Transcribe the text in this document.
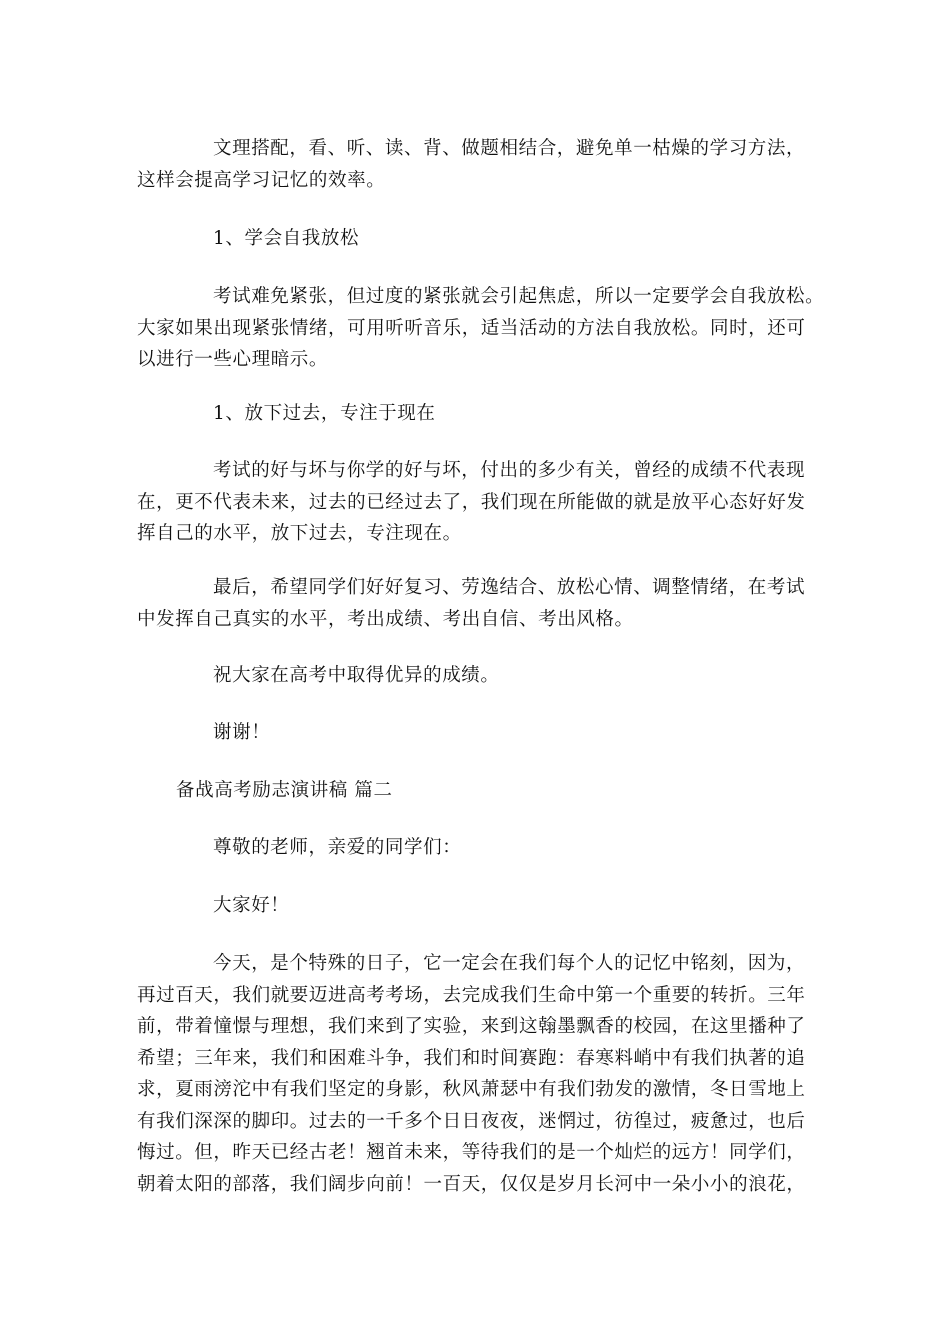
文理搭配，看、听、读、背、做题相结合，避免单一枯燥的学习方法，
这样会提高学习记忆的效率。

1、学会自我放松

考试难免紧张，但过度的紧张就会引起焦虑，所以一定要学会自我放松。
大家如果出现紧张情绪，可用听听音乐，适当活动的方法自我放松。同时，还可
以进行一些心理暗示。

1、放下过去，专注于现在

考试的好与坏与你学的好与坏，付出的多少有关，曾经的成绩不代表现
在，更不代表未来，过去的已经过去了，我们现在所能做的就是放平心态好好发
挥自己的水平，放下过去，专注现在。

最后，希望同学们好好复习、劳逸结合、放松心情、调整情绪，在考试
中发挥自己真实的水平，考出成绩、考出自信、考出风格。

祝大家在高考中取得优异的成绩。

谢谢！

备战高考励志演讲稿 篇二

尊敬的老师，亲爱的同学们：

大家好！

今天，是个特殊的日子，它一定会在我们每个人的记忆中铭刻，因为，
再过百天，我们就要迈进高考考场，去完成我们生命中第一个重要的转折。三年
前，带着憧憬与理想，我们来到了实验，来到这翰墨飘香的校园，在这里播种了
希望；三年来，我们和困难斗争，我们和时间赛跑：春寒料峭中有我们执著的追
求，夏雨滂沱中有我们坚定的身影，秋风萧瑟中有我们勃发的激情，冬日雪地上
有我们深深的脚印。过去的一千多个日日夜夜，迷惘过，彷徨过，疲惫过，也后
悔过。但，昨天已经古老！翘首未来，等待我们的是一个灿烂的远方！同学们，
朝着太阳的部落，我们阔步向前！一百天，仅仅是岁月长河中一朵小小的浪花，
